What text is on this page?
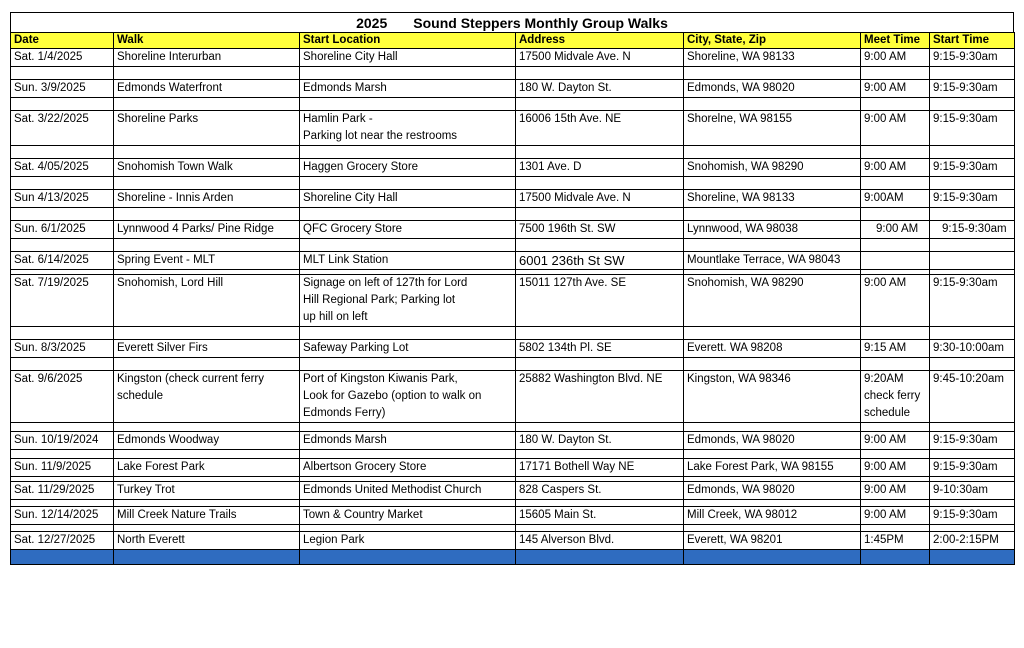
2025 Sound Steppers Monthly Group Walks
Date	Walk	Start Location	Address	City, State, Zip	Meet Time	Start Time
Sat. 1/4/2025	Shoreline Interurban	Shoreline City Hall	17500 Midvale Ave. N	Shoreline, WA 98133	9:00 AM	9:15-9:30am

Sun. 3/9/2025	Edmonds Waterfront	Edmonds Marsh	180 W. Dayton St.	Edmonds, WA 98020	9:00 AM	9:15-9:30am

Sat. 3/22/2025	Shoreline Parks	Hamlin Park -
Parking lot near the restrooms	16006 15th Ave. NE	Shorelne, WA 98155	9:00 AM	9:15-9:30am

Sat. 4/05/2025	Snohomish Town Walk	Haggen Grocery Store	1301 Ave. D	Snohomish, WA 98290	9:00 AM	9:15-9:30am

Sun 4/13/2025	Shoreline - Innis Arden	Shoreline City Hall	17500 Midvale Ave. N	Shoreline, WA 98133	9:00AM	9:15-9:30am

Sun. 6/1/2025	Lynnwood 4 Parks/ Pine Ridge	QFC Grocery Store	7500 196th St. SW	Lynnwood, WA 98038	9:00 AM	9:15-9:30am

Sat. 6/14/2025	Spring Event - MLT	MLT Link Station	6001 236th St SW	Mountlake Terrace, WA 98043	

Sat. 7/19/2025	Snohomish, Lord Hill	Signage on left of 127th for Lord
Hill Regional Park; Parking lot
up hill on left	15011 127th Ave. SE	Snohomish, WA 98290	9:00 AM	9:15-9:30am

Sun. 8/3/2025	Everett Silver Firs	Safeway Parking Lot	5802 134th Pl. SE	Everett. WA 98208	9:15 AM	9:30-10:00am

Sat. 9/6/2025	Kingston (check current ferry
schedule	Port of Kingston Kiwanis Park,
Look for Gazebo (option to walk on
Edmonds Ferry)	25882 Washington Blvd. NE	Kingston, WA 98346	9:20AM
check ferry
schedule	9:45-10:20am

Sun. 10/19/2024	Edmonds Woodway	Edmonds Marsh	180 W. Dayton St.	Edmonds, WA 98020	9:00 AM	9:15-9:30am

Sun. 11/9/2025	Lake Forest Park	Albertson Grocery Store	17171 Bothell Way NE	Lake Forest Park, WA 98155	9:00 AM	9:15-9:30am

Sat. 11/29/2025	Turkey Trot	Edmonds United Methodist Church	828 Caspers St.	Edmonds, WA 98020	9:00 AM	9-10:30am

Sun. 12/14/2025	Mill Creek Nature Trails	Town & Country Market	15605 Main St.	Mill Creek, WA 98012	9:00 AM	9:15-9:30am

Sat. 12/27/2025	North Everett	Legion Park	145 Alverson Blvd.	Everett, WA 98201	1:45PM	2:00-2:15PM
